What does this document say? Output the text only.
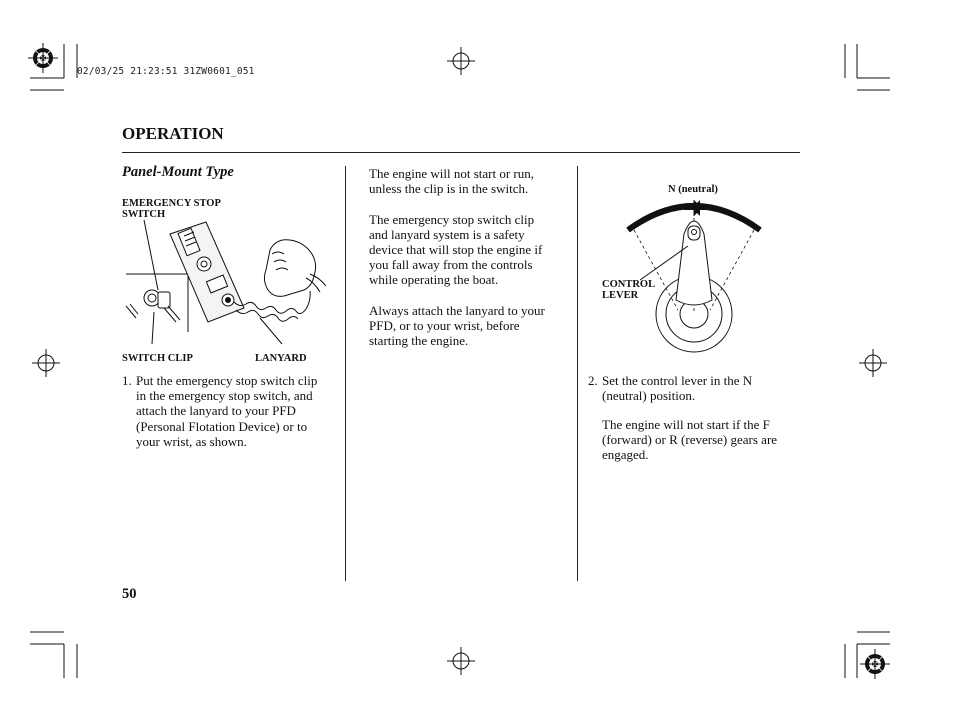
02/03/25 21:23:51 31ZW0601_051
OPERATION
Panel-Mount Type
EMERGENCY STOP
SWITCH
SWITCH CLIP	LANYARD
1. Put the emergency stop switch clip
in the emergency stop switch, and
attach the lanyard to your PFD
(Personal Flotation Device) or to
your wrist, as shown.
The engine will not start or run,
unless the clip is in the switch.
The emergency stop switch clip
and lanyard system is a safety
device that will stop the engine if
you fall away from the controls
while operating the boat.
Always attach the lanyard to your
PFD, or to your wrist, before
starting the engine.
N (neutral)
CONTROL
LEVER
2. Set the control lever in the N
(neutral) position.
The engine will not start if the F
(forward) or R (reverse) gears are
engaged.
50
